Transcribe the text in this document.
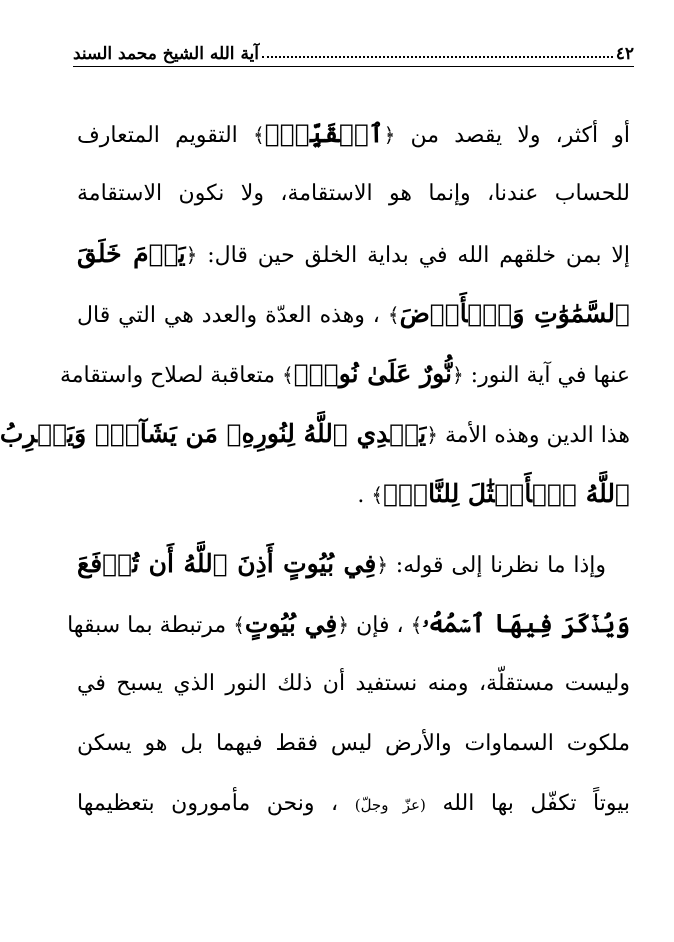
٤٢
آية الله الشيخ محمد السند
أو أكثر، ولا يقصد من ﴿ٱلۡقَيِّمُۚ﴾ التقويم المتعارف
للحساب عندنا، وإنما هو الاستقامة، ولا نكون الاستقامة
إلا بمن خلقهم الله في بداية الخلق حين قال: ﴿يَوۡمَ خَلَقَ
ٱلسَّمَٰوَٰتِ وَٱلۡأَرۡضَ﴾ ، وهذه العدّة والعدد هي التي قال
عنها في آية النور: ﴿نُّورٌ عَلَىٰ نُورٍۗ﴾ متعاقبة لصلاح واستقامة
هذا الدين وهذه الأمة ﴿يَهۡدِي ٱللَّهُ لِنُورِهِۦ مَن يَشَآءُۚ وَيَضۡرِبُ
ٱللَّهُ ٱلۡأَمۡثَٰلَ لِلنَّاسِۗ﴾ .
وإذا ما نظرنا إلى قوله: ﴿فِي بُيُوتٍ أَذِنَ ٱللَّهُ أَن تُرۡفَعَ
وَيُذۡكَرَ فِيهَا ٱسۡمُهُۥ﴾ ، فإن ﴿فِي بُيُوتٍ﴾ مرتبطة بما سبقها
وليست مستقلّة، ومنه نستفيد أن ذلك النور الذي يسبح في
ملكوت السماوات والأرض ليس فقط فيهما بل هو يسكن
بيوتاً تكفّل بها الله (عزّ وجلّ) ، ونحن مأمورون بتعظيمها
